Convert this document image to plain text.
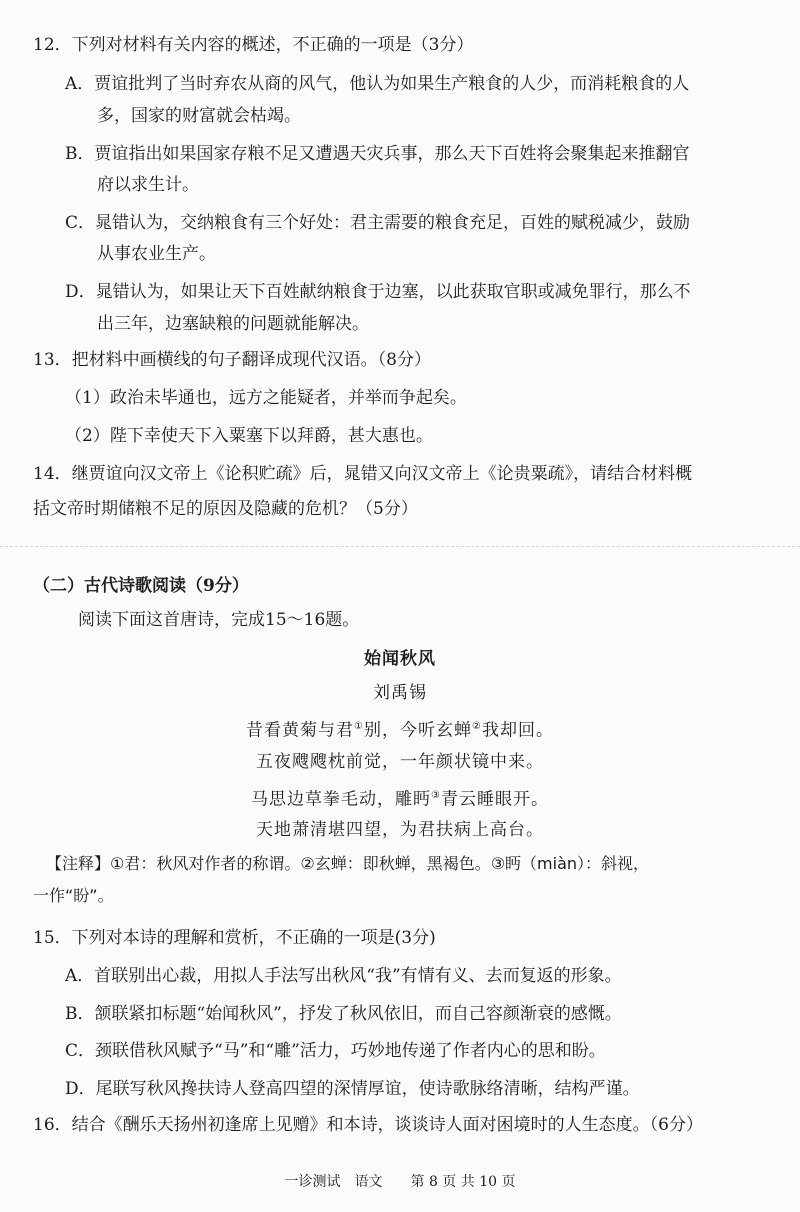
12．下列对材料有关内容的概述，不正确的一项是（3分）
A．贾谊批判了当时弃农从商的风气，他认为如果生产粮食的人少，而消耗粮食的人
多，国家的财富就会枯竭。
B．贾谊指出如果国家存粮不足又遭遇天灾兵事，那么天下百姓将会聚集起来推翻官
府以求生计。
C．晁错认为，交纳粮食有三个好处：君主需要的粮食充足，百姓的赋税减少，鼓励
从事农业生产。
D．晁错认为，如果让天下百姓献纳粮食于边塞，以此获取官职或减免罪行，那么不
出三年，边塞缺粮的问题就能解决。
13．把材料中画横线的句子翻译成现代汉语。（8分）
（1）政治未毕通也，远方之能疑者，并举而争起矣。
（2）陛下幸使天下入粟塞下以拜爵，甚大惠也。
14．继贾谊向汉文帝上《论积贮疏》后，晁错又向汉文帝上《论贵粟疏》，请结合材料概
括文帝时期储粮不足的原因及隐藏的危机？（5分）
（二）古代诗歌阅读（9分）
阅读下面这首唐诗，完成15～16题。
始闻秋风
刘禹锡
昔看黄菊与君①别，今听玄蝉②我却回。
五夜飕飕枕前觉，一年颜状镜中来。
马思边草拳毛动，雕眄③青云睡眼开。
天地萧清堪四望，为君扶病上高台。
【注释】①君：秋风对作者的称谓。②玄蝉：即秋蝉，黑褐色。③眄（miàn）：斜视，
一作“盼”。
15．下列对本诗的理解和赏析，不正确的一项是(3分)
A．首联别出心裁，用拟人手法写出秋风“我”有情有义、去而复返的形象。
B．颔联紧扣标题“始闻秋风”，抒发了秋风依旧，而自己容颜渐衰的感慨。
C．颈联借秋风赋予“马”和“雕”活力，巧妙地传递了作者内心的思和盼。
D．尾联写秋风搀扶诗人登高四望的深情厚谊，使诗歌脉络清晰，结构严谨。
16．结合《酬乐天扬州初逢席上见赠》和本诗，谈谈诗人面对困境时的人生态度。（6分）
一诊测试　语文　　第 8 页 共 10 页
